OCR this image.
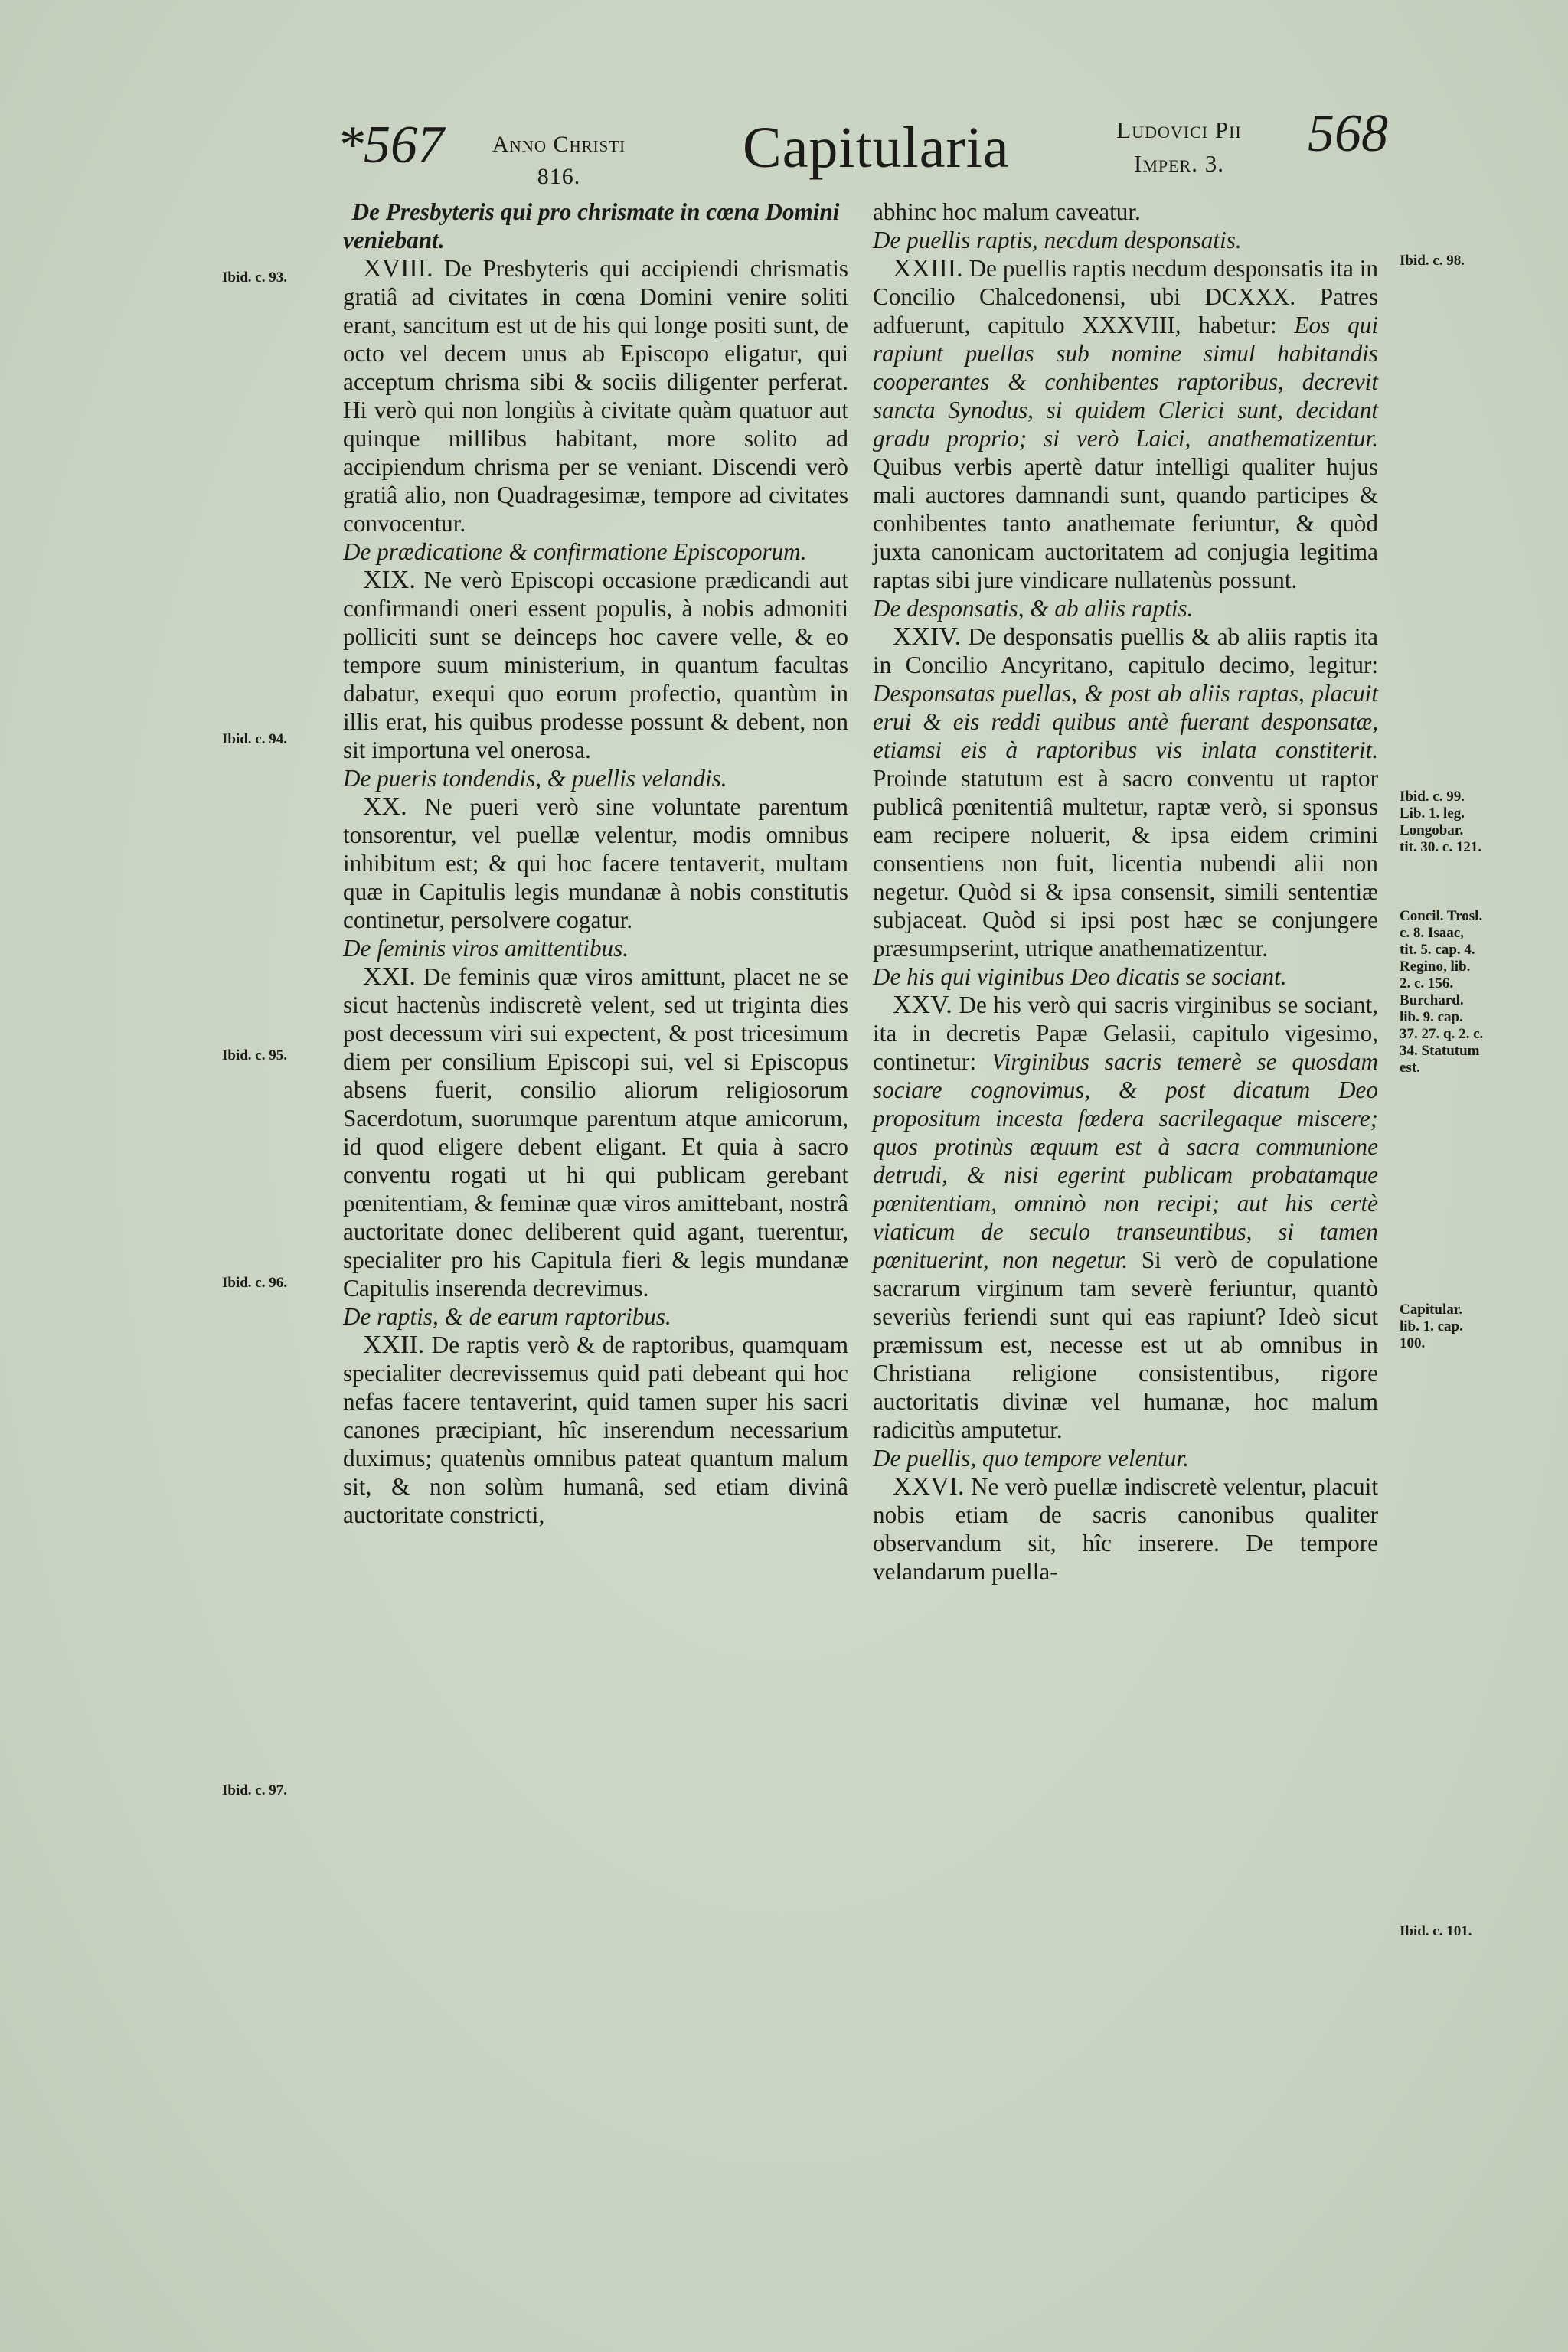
*567	Anno Christi
816.	Capitularia	Ludovici Pii
Imper. 3.
568
Ibid. c. 93.
Ibid. c. 94.
Ibid. c. 95.
Ibid. c. 96.
Ibid. c. 97.
Ibid. c. 98.
Ibid. c. 99. Lib. 1. leg. Longobar. tit. 30. c. 121.
Concil. Trosl. c. 8. Isaac, tit. 5. cap. 4. Regino, lib. 2. c. 156. Burchard. lib. 9. cap. 37. 27. q. 2. c. 34. Statutum est.
Capitular. lib. 1. cap. 100.
Ibid. c. 101.

De Presbyteris qui pro chrismate in cœna Domini veniebant.

XVIII. De Presbyteris qui accipiendi chrismatis gratiâ ad civitates in cœna Domini venire soliti erant, sancitum est ut de his qui longe positi sunt, de octo vel decem unus ab Episcopo eligatur, qui acceptum chrisma sibi & sociis diligenter perferat. Hi verò qui non longiùs à civitate quàm quatuor aut quinque millibus habitant, more solito ad accipiendum chrisma per se veniant. Discendi verò gratiâ alio, non Quadragesimæ, tempore ad civitates convocentur.

De prædicatione & confirmatione Episcoporum.

XIX. Ne verò Episcopi occasione prædicandi aut confirmandi oneri essent populis, à nobis admoniti polliciti sunt se deinceps hoc cavere velle, & eo tempore suum ministerium, in quantum facultas dabatur, exequi quo eorum profectio, quantùm in illis erat, his quibus prodesse possunt & debent, non sit importuna vel onerosa.

De pueris tondendis, & puellis velandis.

XX. Ne pueri verò sine voluntate parentum tonsorentur, vel puellæ velentur, modis omnibus inhibitum est; & qui hoc facere tentaverit, multam quæ in Capitulis legis mundanæ à nobis constitutis continetur, persolvere cogatur.

De feminis viros amittentibus.

XXI. De feminis quæ viros amittunt, placet ne se sicut hactenùs indiscretè velent, sed ut triginta dies post decessum viri sui expectent, & post tricesimum diem per consilium Episcopi sui, vel si Episcopus absens fuerit, consilio aliorum religiosorum Sacerdotum, suorumque parentum atque amicorum, id quod eligere debent eligant. Et quia à sacro conventu rogati ut hi qui publicam gerebant pœnitentiam, & feminæ quæ viros amittebant, nostrâ auctoritate donec deliberent quid agant, tuerentur, specialiter pro his Capitula fieri & legis mundanæ Capitulis inserenda decrevimus.

De raptis, & de earum raptoribus.

XXII. De raptis verò & de raptoribus, quamquam specialiter decrevissemus quid pati debeant qui hoc nefas facere tentaverint, quid tamen super his sacri canones præcipiant, hîc inserendum necessarium duximus; quatenùs omnibus pateat quantum malum sit, & non solùm humanâ, sed etiam divinâ auctoritate constricti,

abhinc hoc malum caveatur.

De puellis raptis, necdum desponsatis.

XXIII. De puellis raptis necdum desponsatis ita in Concilio Chalcedonensi, ubi DCXXX. Patres adfuerunt, capitulo XXXVIII, habetur: Eos qui rapiunt puellas sub nomine simul habitandis cooperantes & conhibentes raptoribus, decrevit sancta Synodus, si quidem Clerici sunt, decidant gradu proprio; si verò Laici, anathematizentur. Quibus verbis apertè datur intelligi qualiter hujus mali auctores damnandi sunt, quando participes & conhibentes tanto anathemate feriuntur, & quòd juxta canonicam auctoritatem ad conjugia legitima raptas sibi jure vindicare nullatenùs possunt.

De desponsatis, & ab aliis raptis.

XXIV. De desponsatis puellis & ab aliis raptis ita in Concilio Ancyritano, capitulo decimo, legitur: Desponsatas puellas, & post ab aliis raptas, placuit erui & eis reddi quibus antè fuerant desponsatæ, etiamsi eis à raptoribus vis inlata constiterit. Proinde statutum est à sacro conventu ut raptor publicâ pœnitentiâ multetur, raptæ verò, si sponsus eam recipere noluerit, & ipsa eidem crimini consentiens non fuit, licentia nubendi alii non negetur. Quòd si & ipsa consensit, simili sententiæ subjaceat. Quòd si ipsi post hæc se conjungere præsumpserint, utrique anathematizentur.

De his qui viginibus Deo dicatis se sociant.

XXV. De his verò qui sacris virginibus se sociant, ita in decretis Papæ Gelasii, capitulo vigesimo, continetur: Virginibus sacris temerè se quosdam sociare cognovimus, & post dicatum Deo propositum incesta fœdera sacrilegaque miscere; quos protinùs æquum est à sacra communione detrudi, & nisi egerint publicam probatamque pœnitentiam, omninò non recipi; aut his certè viaticum de seculo transeuntibus, si tamen pœnituerint, non negetur. Si verò de copulatione sacrarum virginum tam severè feriuntur, quantò severiùs feriendi sunt qui eas rapiunt? Ideò sicut præmissum est, necesse est ut ab omnibus in Christiana religione consistentibus, rigore auctoritatis divinæ vel humanæ, hoc malum radicitùs amputetur.

De puellis, quo tempore velentur.

XXVI. Ne verò puellæ indiscretè velentur, placuit nobis etiam de sacris canonibus qualiter observandum sit, hîc inserere. De tempore velandarum puella-
